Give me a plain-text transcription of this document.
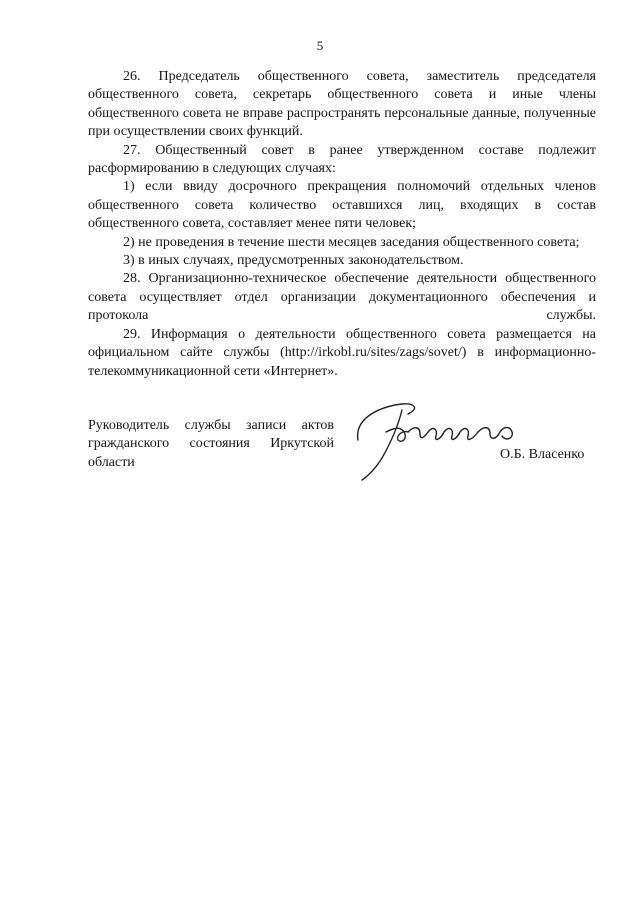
5

26. Председатель общественного совета, заместитель председателя общественного совета, секретарь общественного совета и иные члены общественного совета не вправе распространять персональные данные, полученные при осуществлении своих функций.

27. Общественный совет в ранее утвержденном составе подлежит расформированию в следующих случаях:

1) если ввиду досрочного прекращения полномочий отдельных членов общественного совета количество оставшихся лиц, входящих в состав общественного совета, составляет менее пяти человек;

2) не проведения в течение шести месяцев заседания общественного совета;

3) в иных случаях, предусмотренных законодательством.

28. Организационно-техническое обеспечение деятельности общественного совета осуществляет отдел организации документационного обеспечения и протокола службы.

29. Информация о деятельности общественного совета размещается на официальном сайте службы (http://irkobl.ru/sites/zags/sovet/) в информационно-телекоммуникационной сети «Интернет».

Руководитель службы записи актов гражданского состояния Иркутской области

О.Б. Власенко
